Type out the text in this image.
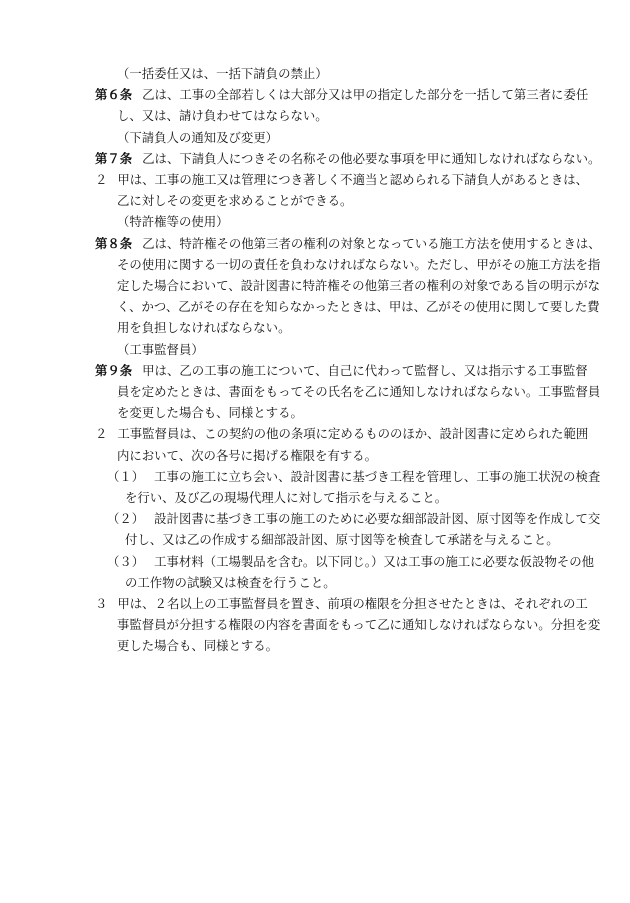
（一括委任又は、一括下請負の禁止）

第６条 乙は、工事の全部若しくは大部分又は甲の指定した部分を一括して第三者に委任

し、又は、請け負わせてはならない。

（下請負人の通知及び変更）

第７条 乙は、下請負人につきその名称その他必要な事項を甲に通知しなければならない。

２ 甲は、工事の施工又は管理につき著しく不適当と認められる下請負人があるときは、

乙に対しその変更を求めることができる。

（特許権等の使用）

第８条 乙は、特許権その他第三者の権利の対象となっている施工方法を使用するときは、

その使用に関する一切の責任を負わなければならない。ただし、甲がその施工方法を指

定した場合において、設計図書に特許権その他第三者の権利の対象である旨の明示がな

く、かつ、乙がその存在を知らなかったときは、甲は、乙がその使用に関して要した費

用を負担しなければならない。

（工事監督員）

第９条 甲は、乙の工事の施工について、自己に代わって監督し、又は指示する工事監督

員を定めたときは、書面をもってその氏名を乙に通知しなければならない。工事監督員

を変更した場合も、同様とする。

２ 工事監督員は、この契約の他の条項に定めるもののほか、設計図書に定められた範囲

内において、次の各号に掲げる権限を有する。

（１） 工事の施工に立ち会い、設計図書に基づき工程を管理し、工事の施工状況の検査

を行い、及び乙の現場代理人に対して指示を与えること。

（２） 設計図書に基づき工事の施工のために必要な細部設計図、原寸図等を作成して交

付し、又は乙の作成する細部設計図、原寸図等を検査して承諾を与えること。

（３） 工事材料（工場製品を含む。以下同じ。）又は工事の施工に必要な仮設物その他

の工作物の試験又は検査を行うこと。

３ 甲は、２名以上の工事監督員を置き、前項の権限を分担させたときは、それぞれの工

事監督員が分担する権限の内容を書面をもって乙に通知しなければならない。分担を変

更した場合も、同様とする。
